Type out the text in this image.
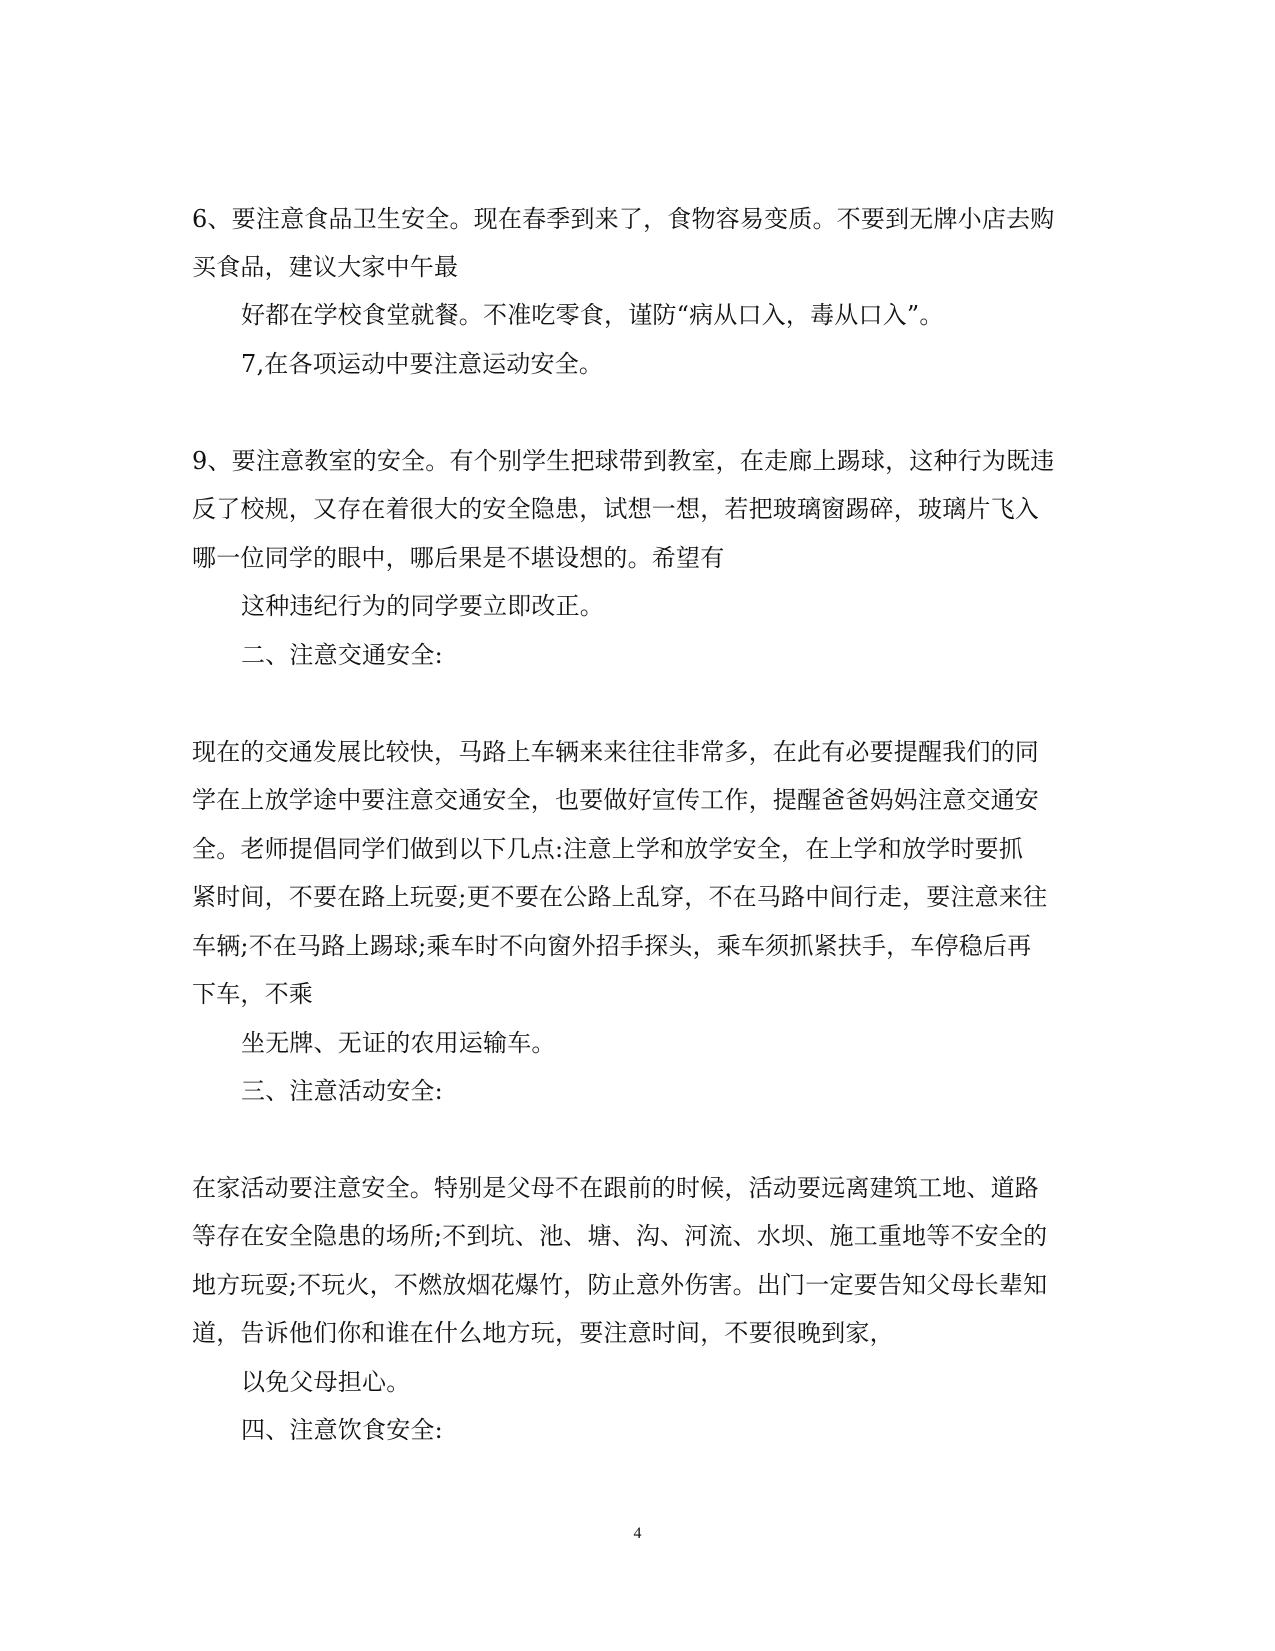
6、要注意食品卫生安全。现在春季到来了，食物容易变质。不要到无牌小店去购
买食品，建议大家中午最
好都在学校食堂就餐。不准吃零食，谨防“病从口入，毒从口入”。
7,在各项运动中要注意运动安全。
9、要注意教室的安全。有个别学生把球带到教室，在走廊上踢球，这种行为既违
反了校规，又存在着很大的安全隐患，试想一想，若把玻璃窗踢碎，玻璃片飞入
哪一位同学的眼中，哪后果是不堪设想的。希望有
这种违纪行为的同学要立即改正。
二、注意交通安全:
现在的交通发展比较快，马路上车辆来来往往非常多，在此有必要提醒我们的同
学在上放学途中要注意交通安全，也要做好宣传工作，提醒爸爸妈妈注意交通安
全。老师提倡同学们做到以下几点:注意上学和放学安全，在上学和放学时要抓
紧时间，不要在路上玩耍;更不要在公路上乱穿，不在马路中间行走，要注意来往
车辆;不在马路上踢球;乘车时不向窗外招手探头，乘车须抓紧扶手，车停稳后再
下车，不乘
坐无牌、无证的农用运输车。
三、注意活动安全:
在家活动要注意安全。特别是父母不在跟前的时候，活动要远离建筑工地、道路
等存在安全隐患的场所;不到坑、池、塘、沟、河流、水坝、施工重地等不安全的
地方玩耍;不玩火，不燃放烟花爆竹，防止意外伤害。出门一定要告知父母长辈知
道，告诉他们你和谁在什么地方玩，要注意时间，不要很晚到家，
以免父母担心。
四、注意饮食安全:
4
